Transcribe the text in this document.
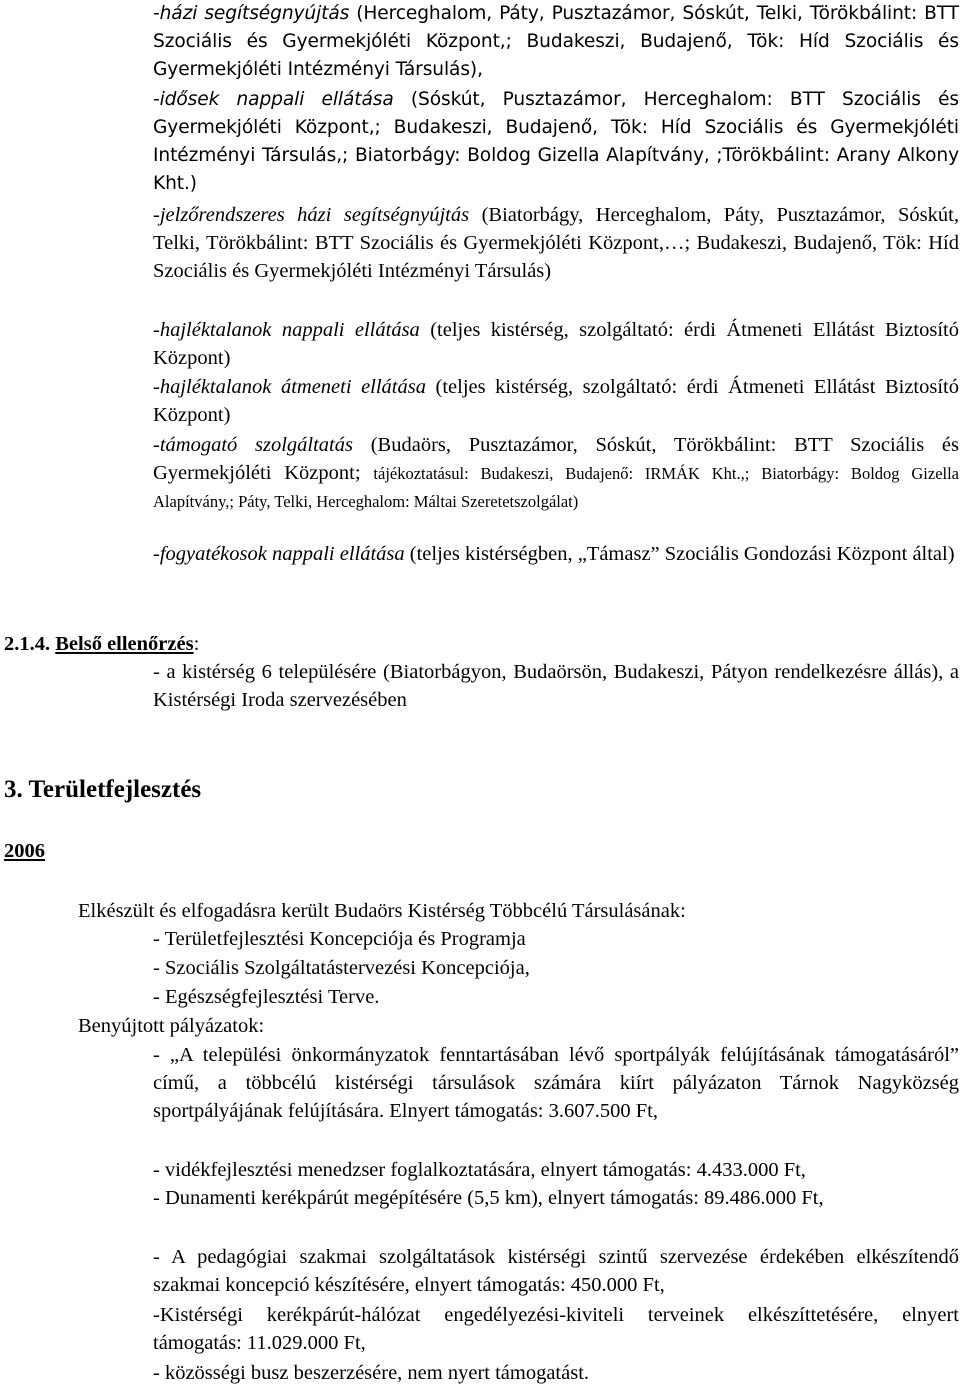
-házi segítségnyújtás (Herceghalom, Páty, Pusztazámor, Sóskút, Telki, Törökbálint: BTT Szociális és Gyermekjóléti Központ,; Budakeszi, Budajenő, Tök: Híd Szociális és Gyermekjóléti Intézményi Társulás),

-idősek nappali ellátása (Sóskút, Pusztazámor, Herceghalom: BTT Szociális és Gyermekjóléti Központ,; Budakeszi, Budajenő, Tök: Híd Szociális és Gyermekjóléti Intézményi Társulás,; Biatorbágy: Boldog Gizella Alapítvány, ;Törökbálint: Arany Alkony Kht.)

-jelzőrendszeres házi segítségnyújtás (Biatorbágy, Herceghalom, Páty, Pusztazámor, Sóskút, Telki, Törökbálint: BTT Szociális és Gyermekjóléti Központ,…; Budakeszi, Budajenő, Tök: Híd Szociális és Gyermekjóléti Intézményi Társulás)

-hajléktalanok nappali ellátása (teljes kistérség, szolgáltató: érdi Átmeneti Ellátást Biztosító Központ)

-hajléktalanok átmeneti ellátása (teljes kistérség, szolgáltató: érdi Átmeneti Ellátást Biztosító Központ)

-támogató szolgáltatás (Budaörs, Pusztazámor, Sóskút, Törökbálint: BTT Szociális és Gyermekjóléti Központ; tájékoztatásul: Budakeszi, Budajenő: IRMÁK Kht.,; Biatorbágy: Boldog Gizella Alapítvány,; Páty, Telki, Herceghalom: Máltai Szeretetszolgálat)

-fogyatékosok nappali ellátása (teljes kistérségben, „Támasz” Szociális Gondozási Központ által)

2.1.4. Belső ellenőrzés:

- a kistérség 6 településére (Biatorbágyon, Budaörsön, Budakeszi, Pátyon rendelkezésre állás), a Kistérségi Iroda szervezésében

3. Területfejlesztés
2006
Elkészült és elfogadásra került Budaörs Kistérség Többcélú Társulásának:
- Területfejlesztési Koncepciója és Programja
- Szociális Szolgáltatástervezési Koncepciója,
- Egészségfejlesztési Terve.
Benyújtott pályázatok:

- „A települési önkormányzatok fenntartásában lévő sportpályák felújításának támogatásáról” című, a többcélú kistérségi társulások számára kiírt pályázaton Tárnok Nagyközség sportpályájának felújítására. Elnyert támogatás: 3.607.500 Ft,

- vidékfejlesztési menedzser foglalkoztatására, elnyert támogatás: 4.433.000 Ft,

- Dunamenti kerékpárút megépítésére (5,5 km), elnyert támogatás: 89.486.000 Ft,

- A pedagógiai szakmai szolgáltatások kistérségi szintű szervezése érdekében elkészítendő szakmai koncepció készítésére, elnyert támogatás: 450.000 Ft,

-Kistérségi kerékpárút-hálózat engedélyezési-kiviteli terveinek elkészíttetésére, elnyert támogatás: 11.029.000 Ft,

- közösségi busz beszerzésére, nem nyert támogatást.
